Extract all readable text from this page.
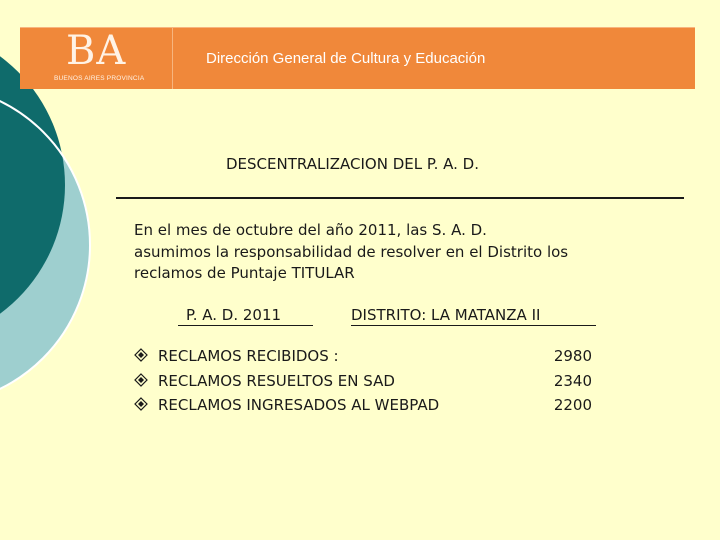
BA
BUENOS AIRES PROVINCIA
Dirección General de Cultura y Educación
DESCENTRALIZACION DEL P. A. D.
En el mes de octubre del año 2011, las S. A. D.
asumimos la responsabilidad de resolver en el Distrito los
reclamos de Puntaje TITULAR
P. A. D. 2011	DISTRITO: LA MATANZA II
RECLAMOS RECIBIDOS :	2980
RECLAMOS RESUELTOS EN SAD	2340
RECLAMOS INGRESADOS AL WEBPAD	2200
